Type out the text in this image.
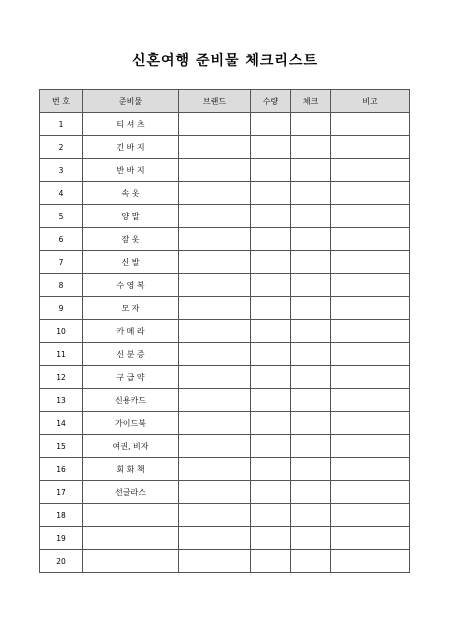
신혼여행 준비물 체크리스트
번 호	준비물	브랜드	수량	체크	비고
1	티 셔 츠				
2	긴 바 지				
3	반 바 지				
4	속 옷				
5	양 말				
6	잠 옷				
7	신 발				
8	수 영 복				
9	모 자				
10	카 메 라				
11	신 분 증				
12	구 급 약				
13	신용카드				
14	가이드북				
15	여권, 비자				
16	회 화 책				
17	선글라스				
18					
19					
20					
